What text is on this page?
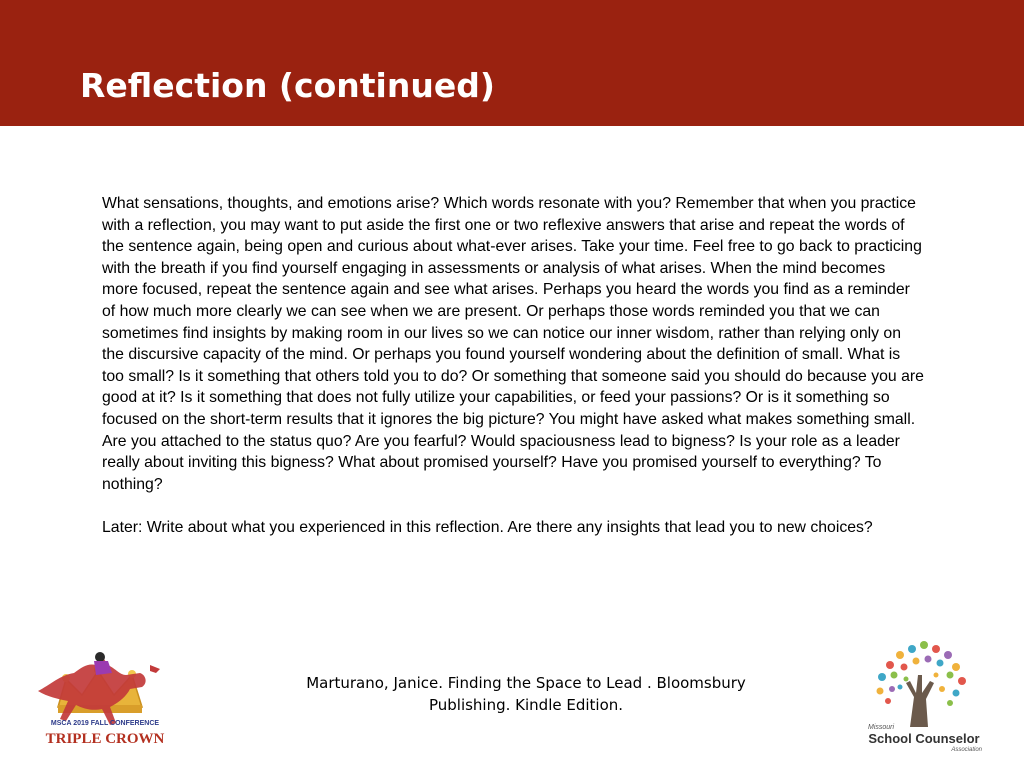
Reflection (continued)

What sensations, thoughts, and emotions arise? Which words resonate with you? Remember that when you practice with a reflection, you may want to put aside the first one or two reflexive answers that arise and repeat the words of the sentence again, being open and curious about what-ever arises. Take your time. Feel free to go back to practicing with the breath if you find yourself engaging in assessments or analysis of what arises. When the mind becomes more focused, repeat the sentence again and see what arises. Perhaps you heard the words you find as a reminder of how much more clearly we can see when we are present. Or perhaps those words reminded you that we can sometimes find insights by making room in our lives so we can notice our inner wisdom, rather than relying only on the discursive capacity of the mind. Or perhaps you found yourself wondering about the definition of small. What is too small? Is it something that others told you to do? Or something that someone said you should do because you are good at it? Is it something that does not fully utilize your capabilities, or feed your passions? Or is it something so focused on the short-term results that it ignores the big picture? You might have asked what makes something small. Are you attached to the status quo? Are you fearful? Would spaciousness lead to bigness? Is your role as a leader really about inviting this bigness? What about promised yourself? Have you promised yourself to everything? To nothing?

Later: Write about what you experienced in this reflection. Are there any insights that lead you to new choices?

Marturano, Janice. Finding the Space to Lead . Bloomsbury
Publishing. Kindle Edition.
MSCA 2019 FALL CONFERENCE
TRIPLE CROWN
Missouri
School Counselor
Association
